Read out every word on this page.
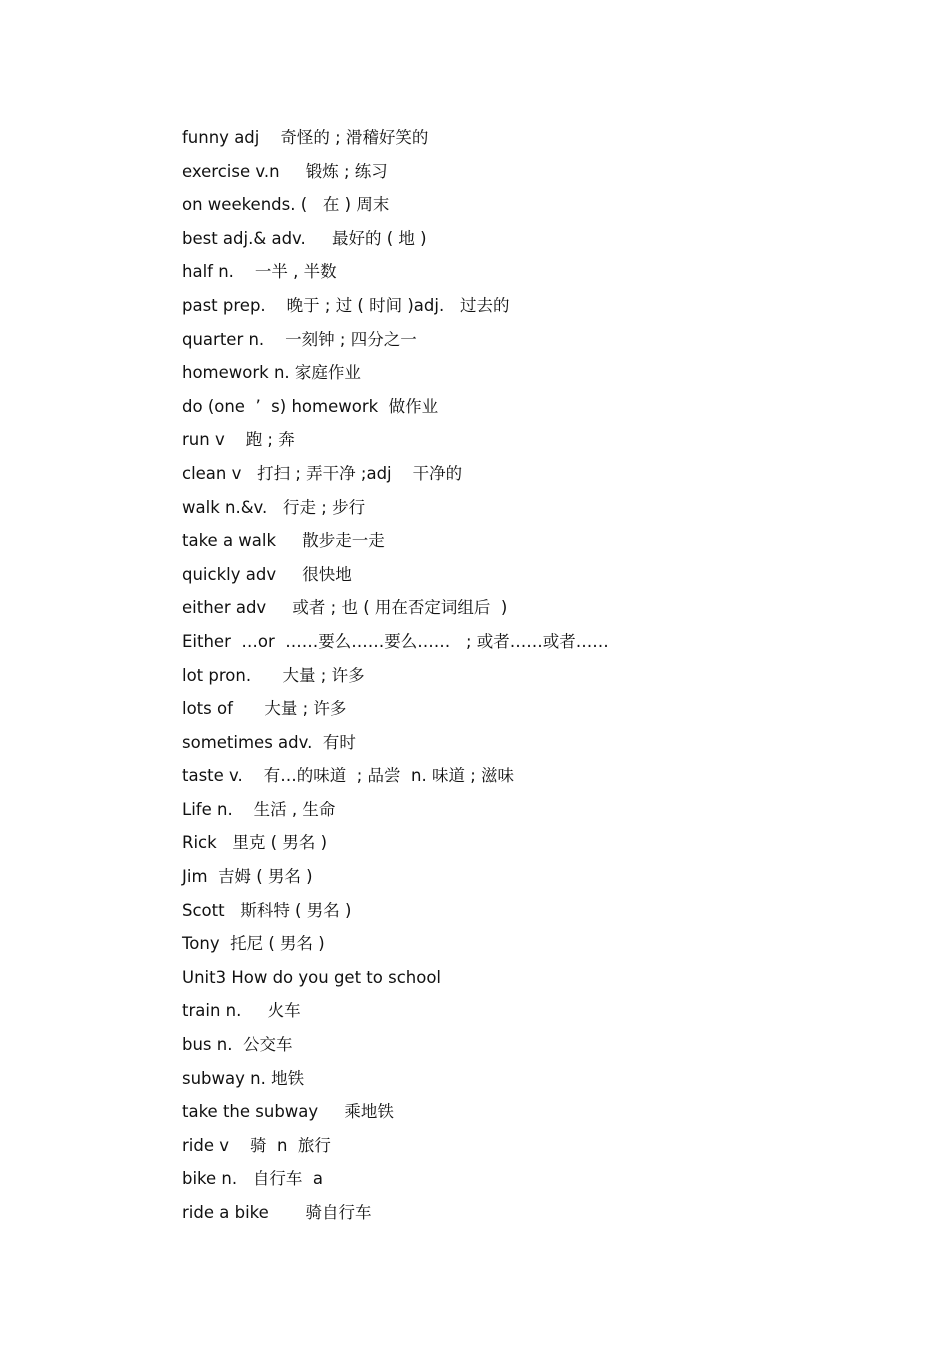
funny adj    奇怪的 ; 滑稽好笑的
exercise v.n     锻炼 ; 练习
on weekends. (   在 ) 周末
best adj.& adv.     最好的 ( 地 )
half n.    一半 , 半数
past prep.    晚于 ; 过 ( 时间 )adj.   过去的
quarter n.    一刻钟 ; 四分之一
homework n. 家庭作业
do (one  ’  s) homework  做作业
run v    跑 ; 奔
clean v   打扫 ; 弄干净 ;adj    干净的
walk n.&v.   行走 ; 步行
take a walk     散步走一走
quickly adv     很快地
either adv     或者 ; 也 ( 用在否定词组后  )
Either  …or  ……要么……要么……   ; 或者……或者……
lot pron.      大量 ; 许多
lots of      大量 ; 许多
sometimes adv.  有时
taste v.    有…的味道  ; 品尝  n. 味道 ; 滋味
Life n.    生活 , 生命
Rick   里克 ( 男名 )
Jim  吉姆 ( 男名 )
Scott   斯科特 ( 男名 )
Tony  托尼 ( 男名 )
Unit3 How do you get to school
train n.     火车
bus n.  公交车
subway n. 地铁
take the subway     乘地铁
ride v    骑  n  旅行
bike n.   自行车  a
ride a bike       骑自行车
